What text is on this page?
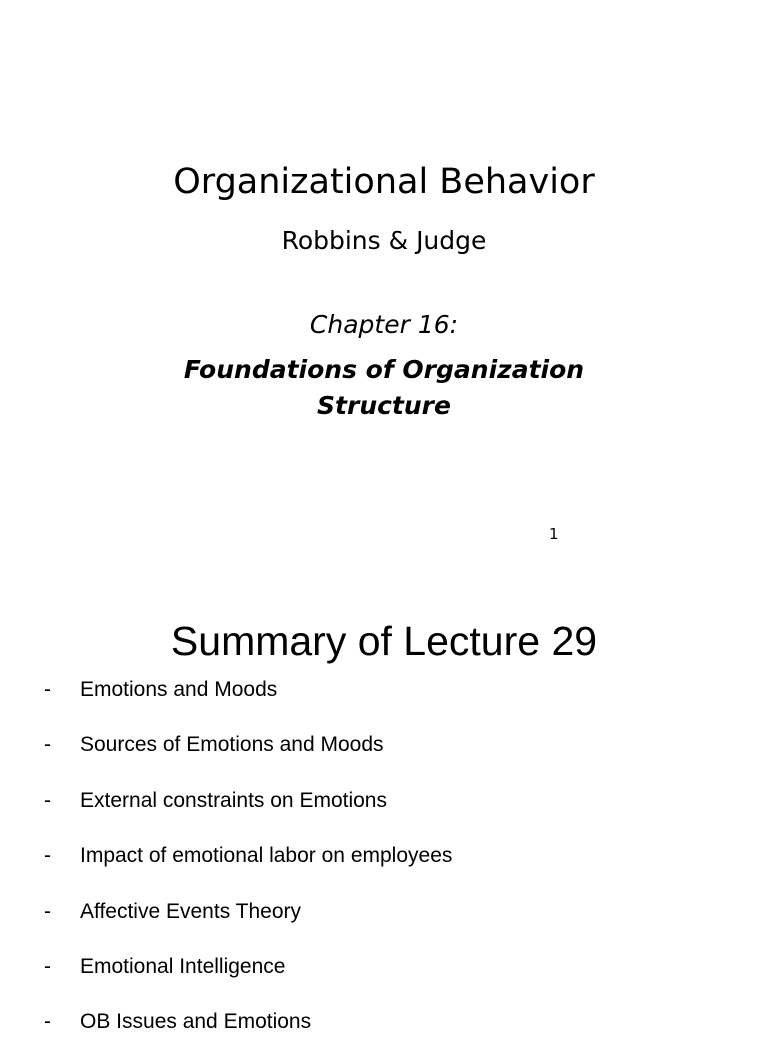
Organizational Behavior
Robbins & Judge
Chapter 16:
Foundations of Organization Structure
1
Summary of Lecture 29
- Emotions and Moods
- Sources of Emotions and Moods
- External constraints on Emotions
- Impact of emotional labor on employees
- Affective Events Theory
- Emotional Intelligence
- OB Issues and Emotions
